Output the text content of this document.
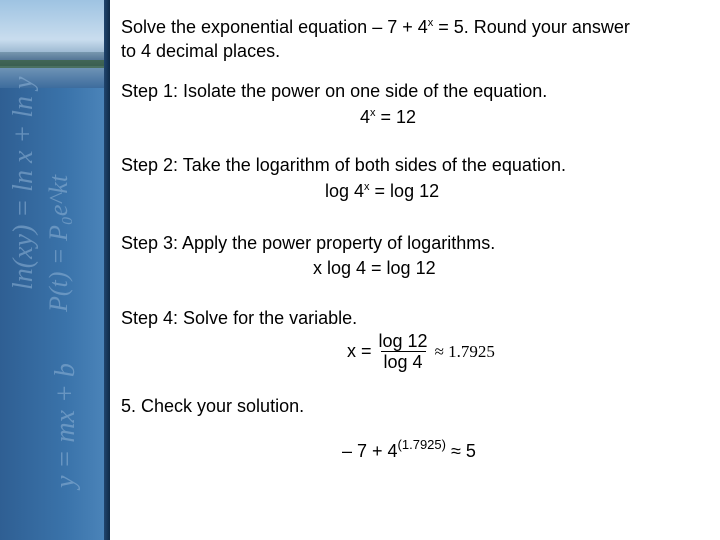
ln(xy) = ln x + ln y P(t) = P₀e^kt
y = mx + b
Solve the exponential equation – $7 + 4^x = 5$. Round your answer
to 4 decimal places.
Step 1: Isolate the power on one side of the equation.
$4^x = 12$
Step 2: Take the logarithm of both sides of the equation.
$\log 4^x = \log 12$
Step 3: Apply the power property of logarithms.
x log 4 = log 12
Step 4: Solve for the variable.
$x = \frac{\log 12}{\log 4} \approx 1.7925$
5. Check your solution.
– $7 + 4^{(1.7925)} \approx 5$
